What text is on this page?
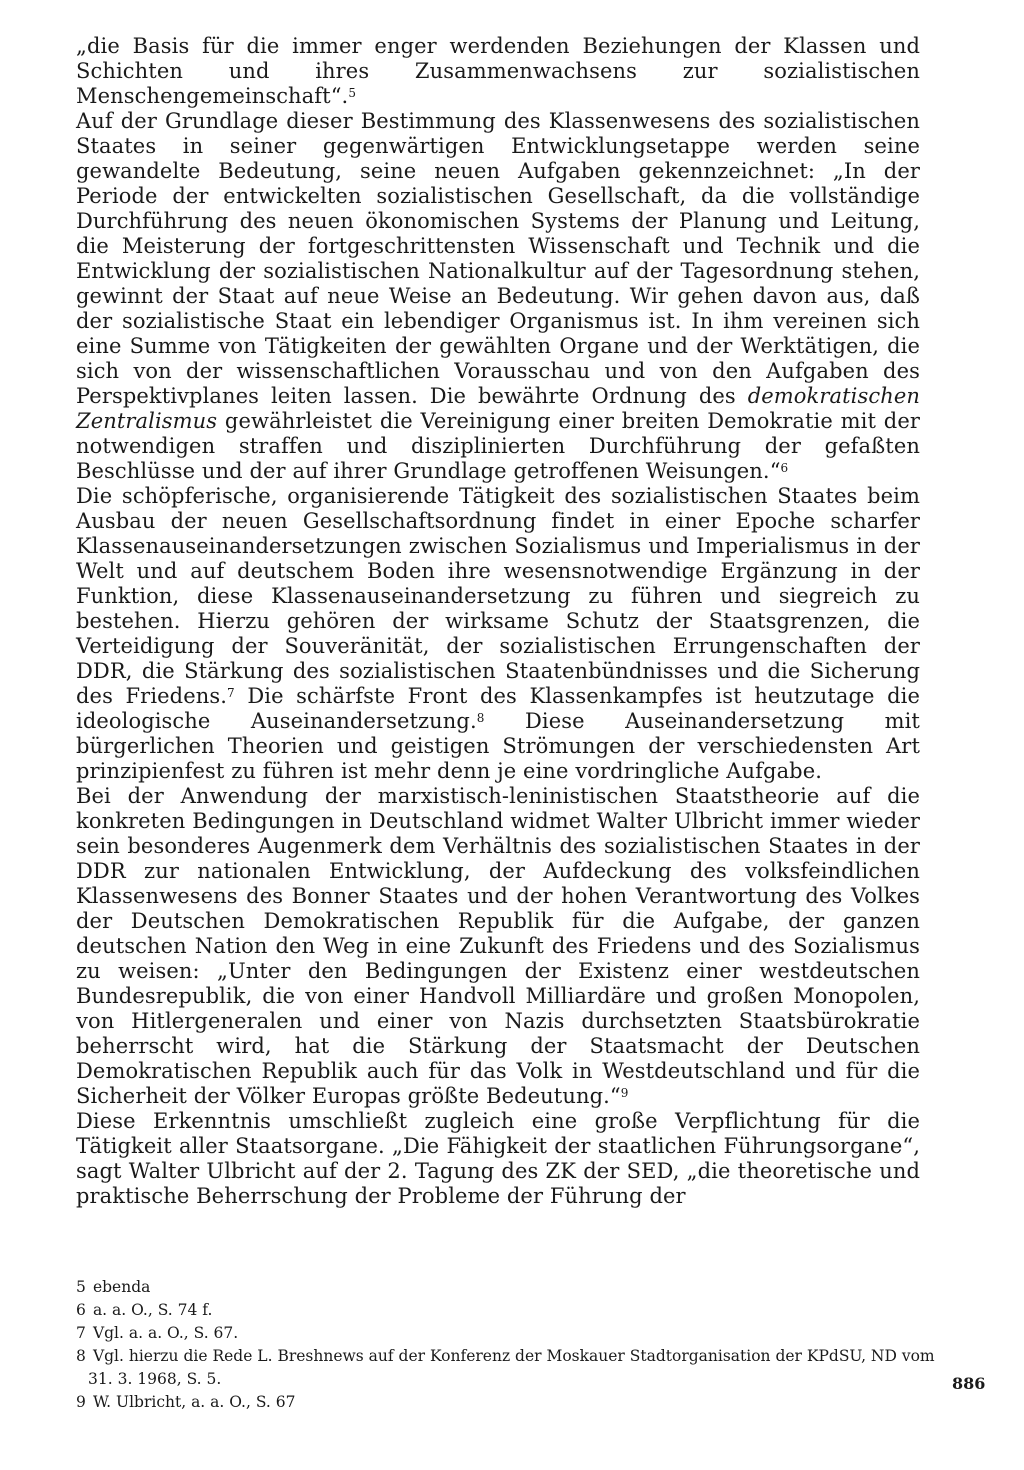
„die Basis für die immer enger werdenden Beziehungen der Klassen und Schichten und ihres Zusammenwachsens zur sozialistischen Menschengemeinschaft“.$^5$

Auf der Grundlage dieser Bestimmung des Klassenwesens des sozialistischen Staates in seiner gegenwärtigen Entwicklungsetappe werden seine gewandelte Bedeutung, seine neuen Aufgaben gekennzeichnet: „In der Periode der entwickelten sozialistischen Gesellschaft, da die vollständige Durchführung des neuen ökonomischen Systems der Planung und Leitung, die Meisterung der fortgeschrittensten Wissenschaft und Technik und die Entwicklung der sozialistischen Nationalkultur auf der Tagesordnung stehen, gewinnt der Staat auf neue Weise an Bedeutung. Wir gehen davon aus, daß der sozialistische Staat ein lebendiger Organismus ist. In ihm vereinen sich eine Summe von Tätigkeiten der gewählten Organe und der Werktätigen, die sich von der wissenschaftlichen Vorausschau und von den Aufgaben des Perspektivplanes leiten lassen. Die bewährte Ordnung des demokratischen Zentralismus gewährleistet die Vereinigung einer breiten Demokratie mit der notwendigen straffen und disziplinierten Durchführung der gefaßten Beschlüsse und der auf ihrer Grundlage getroffenen Weisungen.“$^6$

Die schöpferische, organisierende Tätigkeit des sozialistischen Staates beim Ausbau der neuen Gesellschaftsordnung findet in einer Epoche scharfer Klassenauseinandersetzungen zwischen Sozialismus und Imperialismus in der Welt und auf deutschem Boden ihre wesensnotwendige Ergänzung in der Funktion, diese Klassenauseinandersetzung zu führen und siegreich zu bestehen. Hierzu gehören der wirksame Schutz der Staatsgrenzen, die Verteidigung der Souveränität, der sozialistischen Errungenschaften der DDR, die Stärkung des sozialistischen Staatenbündnisses und die Sicherung des Friedens.$^7$ Die schärfste Front des Klassenkampfes ist heutzutage die ideologische Auseinandersetzung.$^8$ Diese Auseinandersetzung mit bürgerlichen Theorien und geistigen Strömungen der verschiedensten Art prinzipienfest zu führen ist mehr denn je eine vordringliche Aufgabe.

Bei der Anwendung der marxistisch-leninistischen Staatstheorie auf die konkreten Bedingungen in Deutschland widmet Walter Ulbricht immer wieder sein besonderes Augenmerk dem Verhältnis des sozialistischen Staates in der DDR zur nationalen Entwicklung, der Aufdeckung des volksfeindlichen Klassenwesens des Bonner Staates und der hohen Verantwortung des Volkes der Deutschen Demokratischen Republik für die Aufgabe, der ganzen deutschen Nation den Weg in eine Zukunft des Friedens und des Sozialismus zu weisen: „Unter den Bedingungen der Existenz einer westdeutschen Bundesrepublik, die von einer Handvoll Milliardäre und großen Monopolen, von Hitlergeneralen und einer von Nazis durchsetzten Staatsbürokratie beherrscht wird, hat die Stärkung der Staatsmacht der Deutschen Demokratischen Republik auch für das Volk in Westdeutschland und für die Sicherheit der Völker Europas größte Bedeutung.“$^9$

Diese Erkenntnis umschließt zugleich eine große Verpflichtung für die Tätigkeit aller Staatsorgane. „Die Fähigkeit der staatlichen Führungsorgane“, sagt Walter Ulbricht auf der 2. Tagung des ZK der SED, „die theoretische und praktische Beherrschung der Probleme der Führung der

5 ebenda
6 a. a. O., S. 74 f.
7 Vgl. a. a. O., S. 67.
8 Vgl. hierzu die Rede L. Breshnews auf der Konferenz der Moskauer Stadtorganisation der KPdSU, ND vom 31. 3. 1968, S. 5.
9 W. Ulbricht, a. a. O., S. 67
886
